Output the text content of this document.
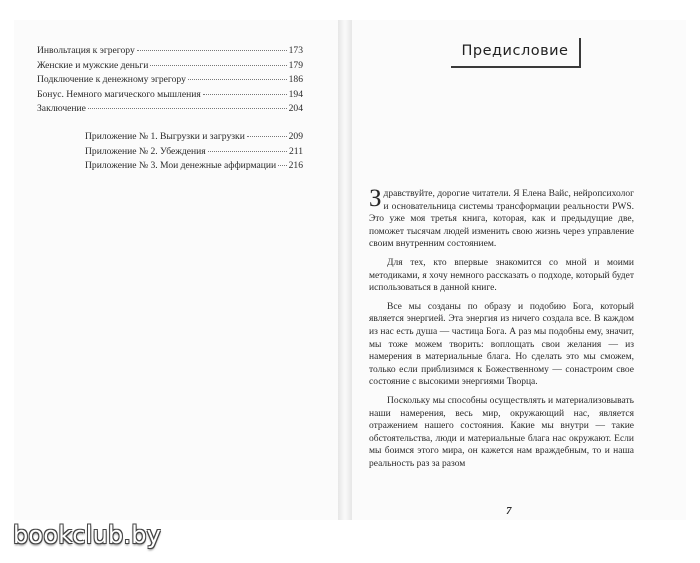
Инвольтация к эгрегору	173
Женские и мужские деньги	179
Подключение к денежному эгрегору	186
Бонус. Немного магического мышления	194
Заключение	204
Приложение № 1. Выгрузки и загрузки	209
Приложение № 2. Убеждения	211
Приложение № 3. Мои денежные аффирмации 216
Предисловие

Здравствуйте, дорогие читатели. Я Елена Вайс, нейропсихолог и основательница системы трансформации реальности PWS. Это уже моя третья книга, которая, как и предыдущие две, поможет тысячам людей изменить свою жизнь через управление своим внутренним состоянием.

Для тех, кто впервые знакомится со мной и моими методиками, я хочу немного рассказать о подходе, который будет использоваться в данной книге.

Все мы созданы по образу и подобию Бога, который является энергией. Эта энергия из ничего создала все. В каждом из нас есть душа — частица Бога. А раз мы подобны ему, значит, мы тоже можем творить: воплощать свои желания — из намерения в материальные блага. Но сделать это мы сможем, только если приблизимся к Божественному — сонастроим свое состояние с высокими энергиями Творца.

Поскольку мы способны осуществлять и материализовывать наши намерения, весь мир, окружающий нас, является отражением нашего состояния. Какие мы внутри — такие обстоятельства, люди и материальные блага нас окружают. Если мы боимся этого мира, он кажется нам враждебным, то и наша реальность раз за разом

7
bookclub.by
